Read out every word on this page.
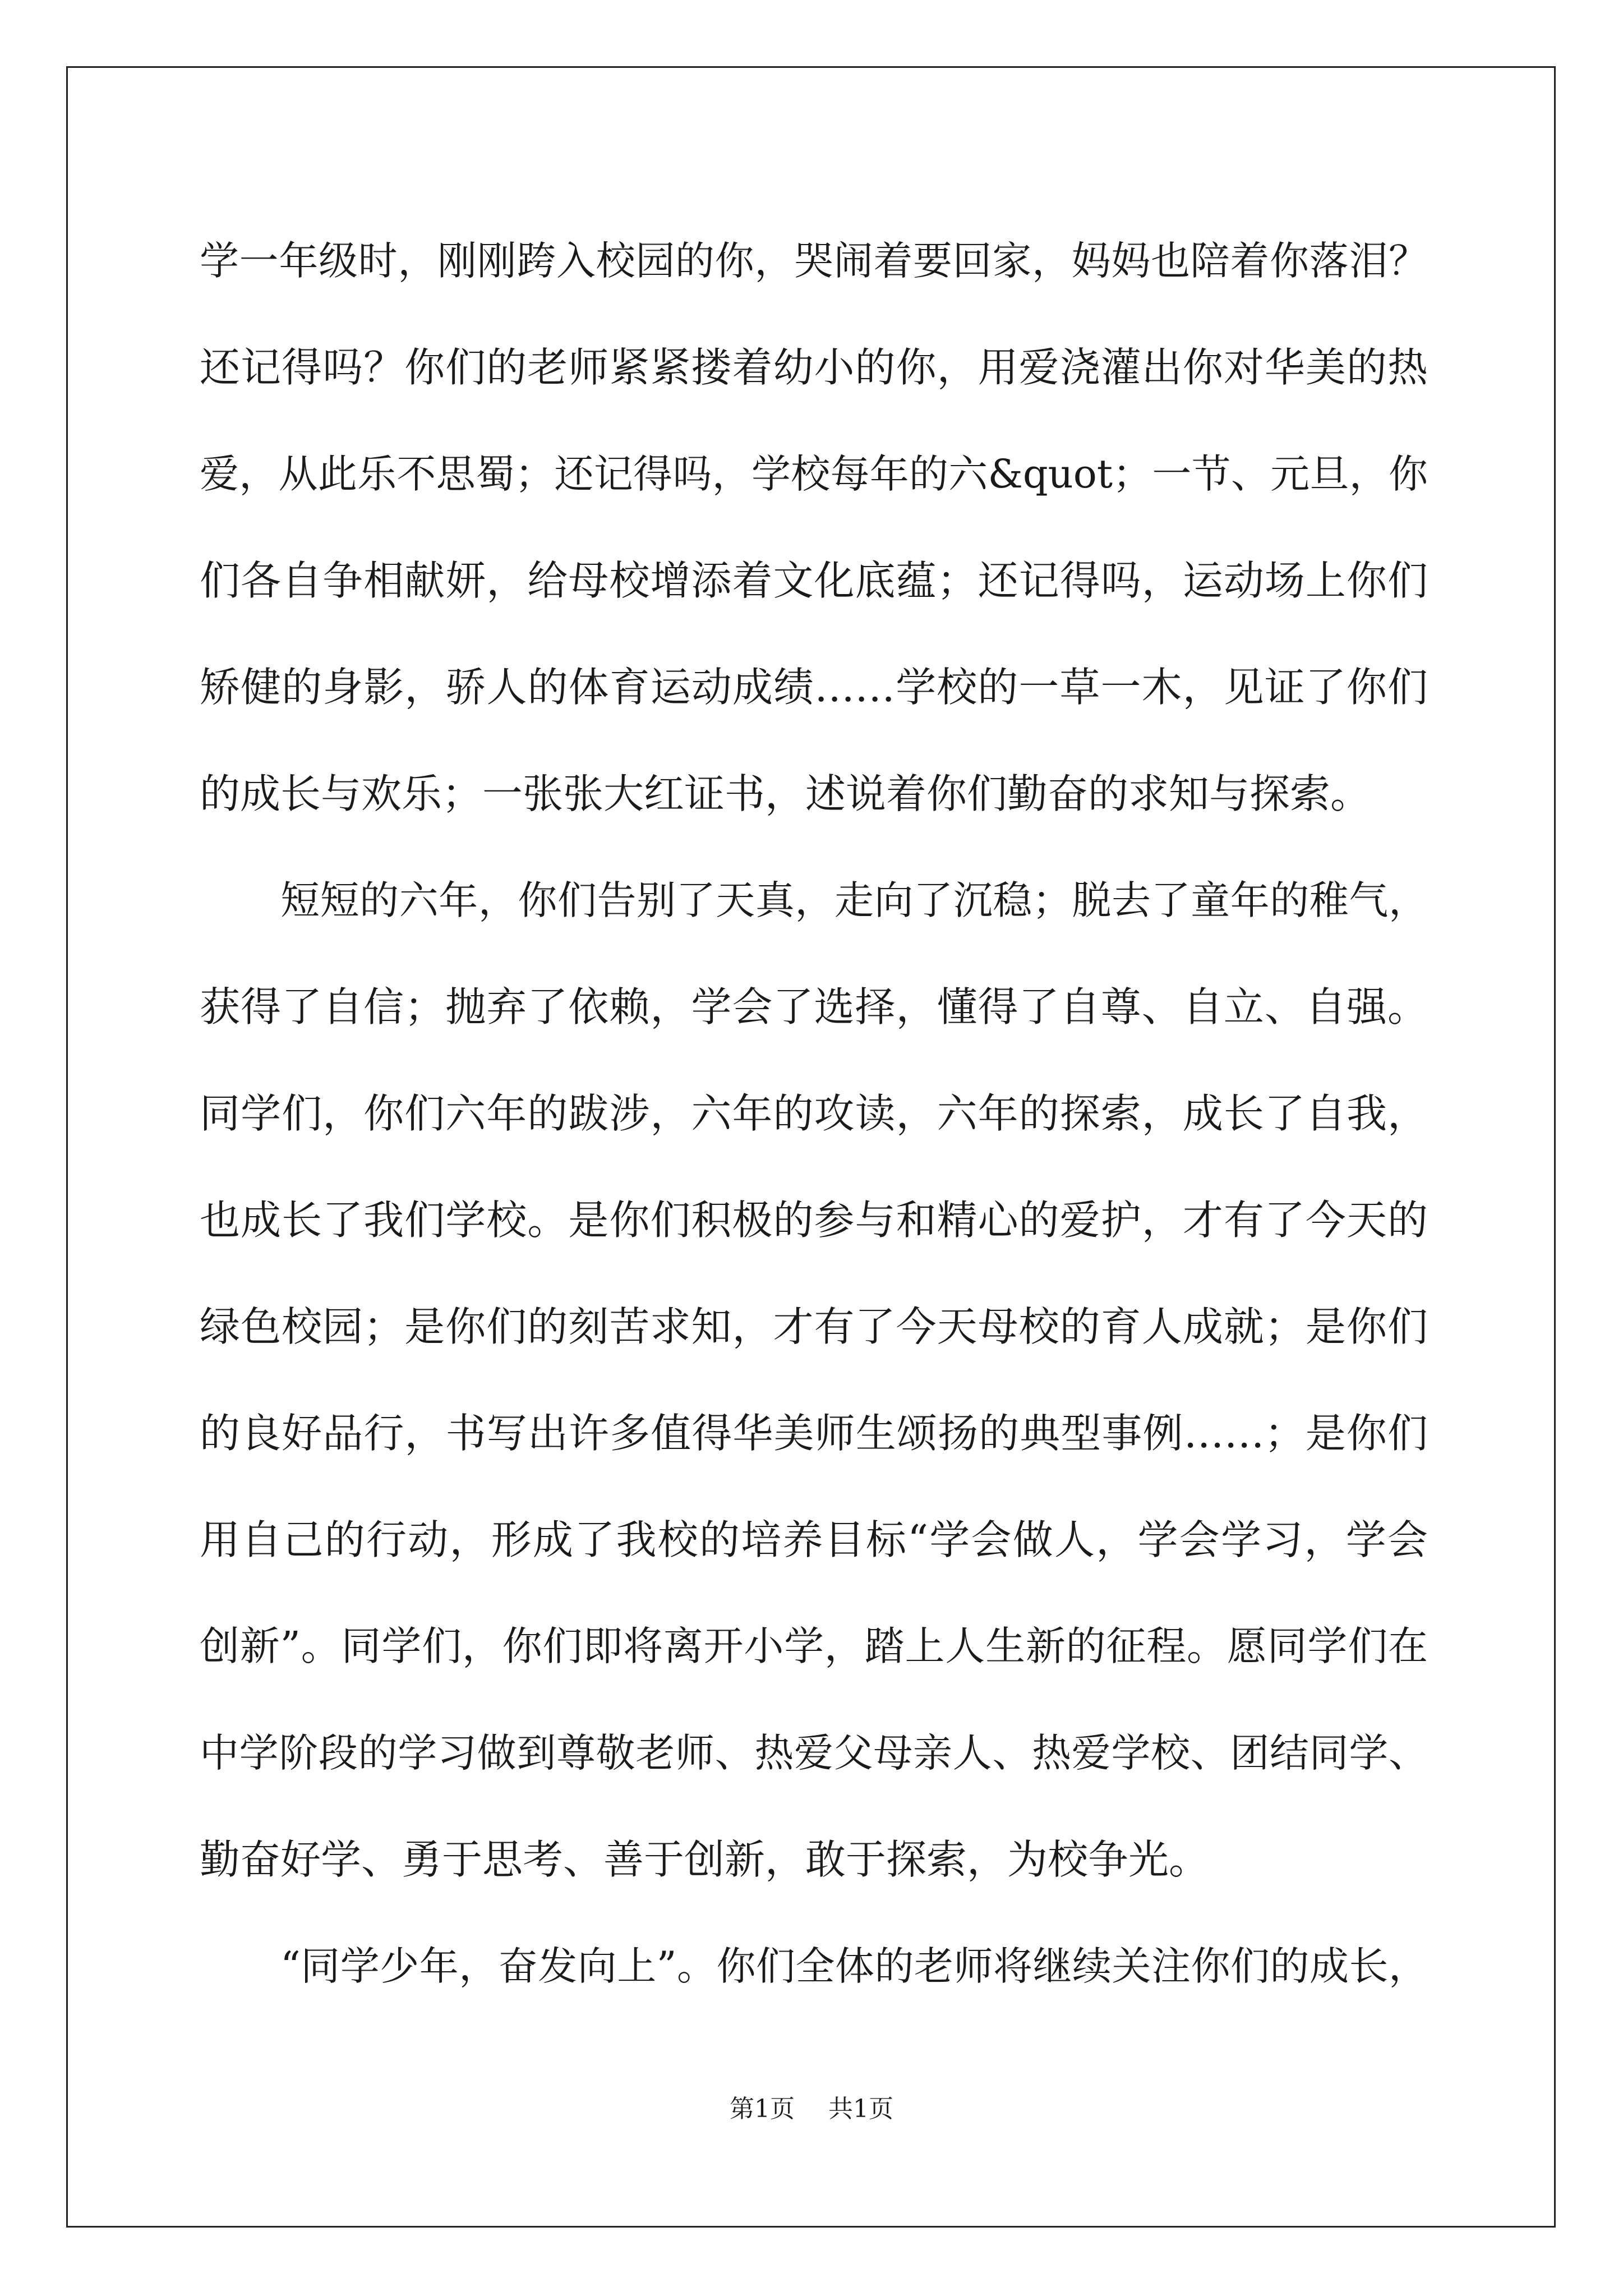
学一年级时，刚刚跨入校园的你，哭闹着要回家，妈妈也陪着你落泪？
还记得吗？你们的老师紧紧搂着幼小的你，用爱浇灌出你对华美的热
爱，从此乐不思蜀；还记得吗，学校每年的六&quot；一节、元旦，你
们各自争相献妍，给母校增添着文化底蕴；还记得吗，运动场上你们
矫健的身影，骄人的体育运动成绩……学校的一草一木，见证了你们
的成长与欢乐；一张张大红证书，述说着你们勤奋的求知与探索。
短短的六年，你们告别了天真，走向了沉稳；脱去了童年的稚气，
获得了自信；抛弃了依赖，学会了选择，懂得了自尊、自立、自强。
同学们，你们六年的跋涉，六年的攻读，六年的探索，成长了自我，
也成长了我们学校。是你们积极的参与和精心的爱护，才有了今天的
绿色校园；是你们的刻苦求知，才有了今天母校的育人成就；是你们
的良好品行，书写出许多值得华美师生颂扬的典型事例……；是你们
用自己的行动，形成了我校的培养目标“学会做人，学会学习，学会
创新”。同学们，你们即将离开小学，踏上人生新的征程。愿同学们在
中学阶段的学习做到尊敬老师、热爱父母亲人、热爱学校、团结同学、
勤奋好学、勇于思考、善于创新，敢于探索，为校争光。
“同学少年，奋发向上”。你们全体的老师将继续关注你们的成长，
第1页 共1页
